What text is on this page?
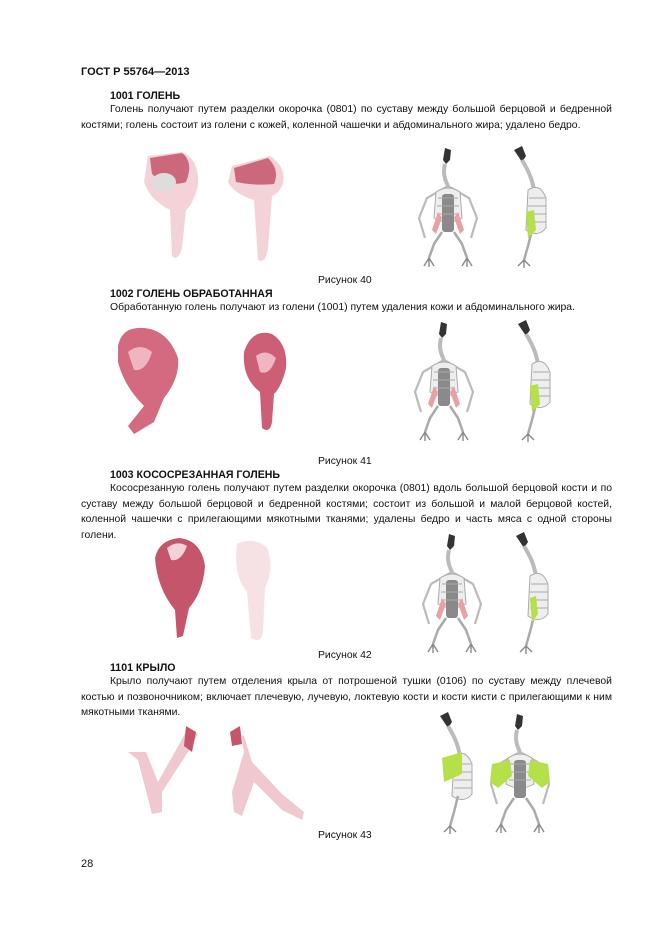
ГОСТ Р 55764—2013
1001 ГОЛЕНЬ

Голень получают путем разделки окорочка (0801) по суставу между большой берцовой и бедренной костями; голень состоит из голени с кожей, коленной чашечки и абдоминального жира; удалено бедро.

Рисунок 40
1002 ГОЛЕНЬ ОБРАБОТАННАЯ

Обработанную голень получают из голени (1001) путем удаления кожи и абдоминального жира.

Рисунок 41
1003 КОСОСРЕЗАННАЯ ГОЛЕНЬ

Кососрезанную голень получают путем разделки окорочка (0801) вдоль большой берцовой кости и по суставу между большой берцовой и бедренной костями; состоит из большой и малой берцовой костей, коленной чашечки с прилегающими мякотными тканями; удалены бедро и часть мяса с одной стороны голени.

Рисунок 42
1101 КРЫЛО

Крыло получают путем отделения крыла от потрошеной тушки (0106) по суставу между плечевой костью и позвоночником; включает плечевую, лучевую, локтевую кости и кости кисти с прилегающими к ним мякотными тканями.

Рисунок 43
28
